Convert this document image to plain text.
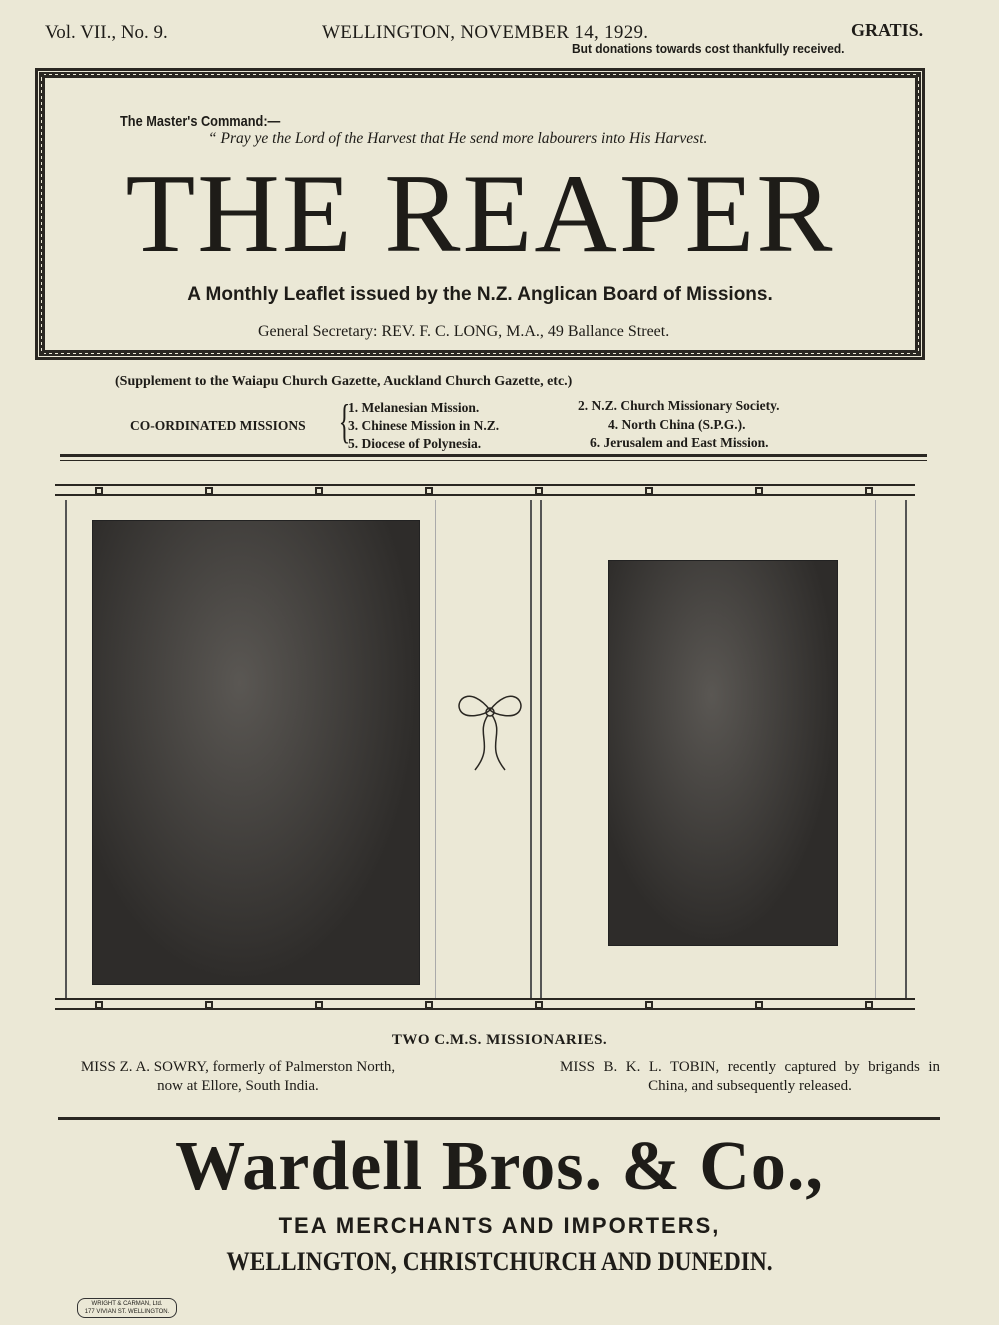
Vol. VII., No. 9.	WELLINGTON, NOVEMBER 14, 1929.	GRATIS.
But donations towards cost thankfully received.
The Master's Command:—
“ Pray ye the Lord of the Harvest that He send more labourers into His Harvest.
THE REAPER
A Monthly Leaflet issued by the N.Z. Anglican Board of Missions.
General Secretary: REV. F. C. LONG, M.A., 49 Ballance Street.
(Supplement to the Waiapu Church Gazette, Auckland Church Gazette, etc.)
CO-ORDINATED MISSIONS {
1. Melanesian Mission.	2. N.Z. Church Missionary Society.
3. Chinese Mission in N.Z.	4. North China (S.P.G.).
5. Diocese of Polynesia.	6. Jerusalem and East Mission.
TWO C.M.S. MISSIONARIES.
MISS Z. A. SOWRY, formerly of Palmerston North, now at Ellore, South India.
MISS B. K. L. TOBIN, recently captured by brigands in China, and subsequently released.
Wardell Bros. & Co.,
TEA MERCHANTS AND IMPORTERS,
WELLINGTON, CHRISTCHURCH AND DUNEDIN.
WRIGHT & CARMAN, Ltd.
177 VIVIAN ST. WELLINGTON.
